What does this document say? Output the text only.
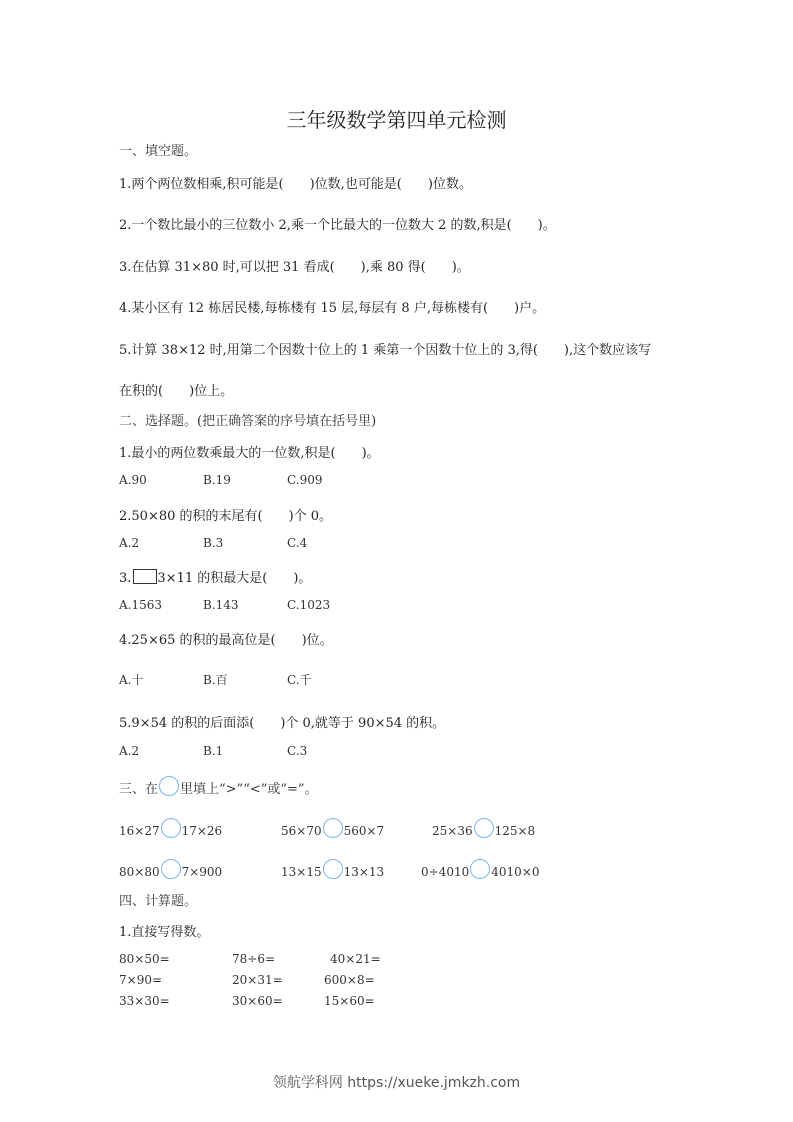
三年级数学第四单元检测
一、填空题。
1.两个两位数相乘,积可能是(　　)位数,也可能是(　　)位数。
2.一个数比最小的三位数小 2,乘一个比最大的一位数大 2 的数,积是(　　)。
3.在估算 31×80 时,可以把 31 看成(　　),乘 80 得(　　)。
4.某小区有 12 栋居民楼,每栋楼有 15 层,每层有 8 户,每栋楼有(　　)户。
5.计算 38×12 时,用第二个因数十位上的 1 乘第一个因数十位上的 3,得(　　),这个数应该写
在积的(　　)位上。
二、选择题。(把正确答案的序号填在括号里)
1.最小的两位数乘最大的一位数,积是(　　)。
A.90	B.19	C.909
2.50×80 的积的末尾有(　　)个 0。
A.2	B.3	C.4
3. 3×11 的积最大是(　　)。
A.1563	B.143	C.1023
4.25×65 的积的最高位是(　　)位。
A.十	B.百	C.千
5.9×54 的积的后面添(　　)个 0,就等于 90×54 的积。
A.2	B.1	C.3
三、在 里填上“>”“<”或“=”。
16×27 17×26	56×70 560×7	25×36 125×8
80×80 7×900	13×15 13×13	0÷4010 4010×0
四、计算题。
1.直接写得数。
80×50=	78÷6=	40×21=
7×90=	20×31=	600×8=
33×30=	30×60=	15×60=
领航学科网 https://xueke.jmkzh.com
